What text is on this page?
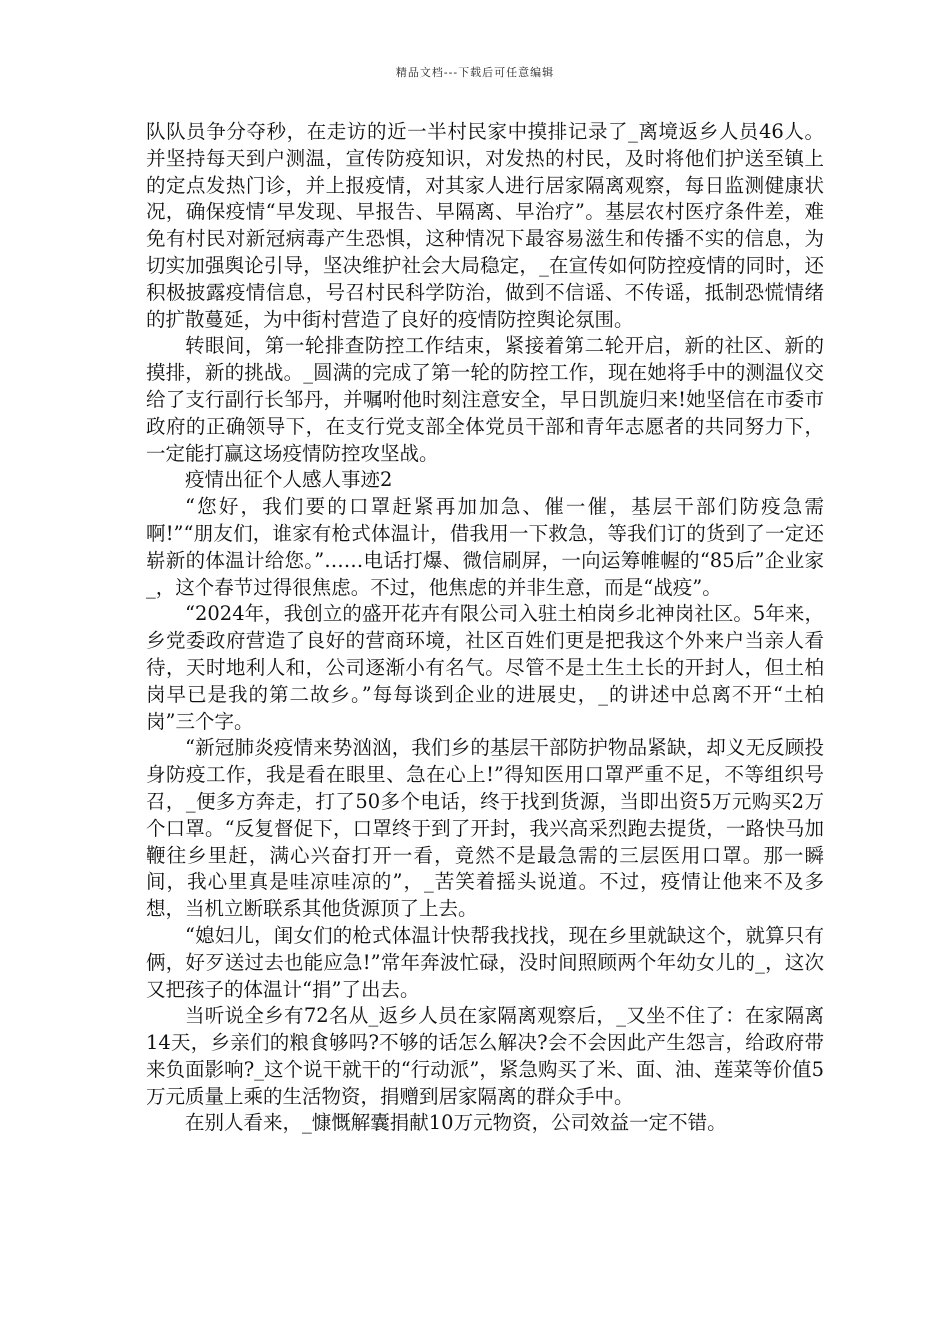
精品文档---下载后可任意编辑

队队员争分夺秒，在走访的近一半村民家中摸排记录了_离境返乡人员46人。并坚持每天到户测温，宣传防疫知识，对发热的村民，及时将他们护送至镇上的定点发热门诊，并上报疫情，对其家人进行居家隔离观察，每日监测健康状况，确保疫情“早发现、早报告、早隔离、早治疗”。基层农村医疗条件差，难免有村民对新冠病毒产生恐惧，这种情况下最容易滋生和传播不实的信息，为切实加强舆论引导，坚决维护社会大局稳定，_在宣传如何防控疫情的同时，还积极披露疫情信息，号召村民科学防治，做到不信谣、不传谣，抵制恐慌情绪的扩散蔓延，为中街村营造了良好的疫情防控舆论氛围。

转眼间，第一轮排查防控工作结束，紧接着第二轮开启，新的社区、新的摸排，新的挑战。_圆满的完成了第一轮的防控工作，现在她将手中的测温仪交给了支行副行长邹丹，并嘱咐他时刻注意安全，早日凯旋归来!她坚信在市委市政府的正确领导下，在支行党支部全体党员干部和青年志愿者的共同努力下，一定能打赢这场疫情防控攻坚战。

疫情出征个人感人事迹2

“您好，我们要的口罩赶紧再加加急、催一催，基层干部们防疫急需啊!”“朋友们，谁家有枪式体温计，借我用一下救急，等我们订的货到了一定还崭新的体温计给您。”……电话打爆、微信刷屏，一向运筹帷幄的“85后”企业家_，这个春节过得很焦虑。不过，他焦虑的并非生意，而是“战疫”。

“2024年，我创立的盛开花卉有限公司入驻土柏岗乡北神岗社区。5年来，乡党委政府营造了良好的营商环境，社区百姓们更是把我这个外来户当亲人看待，天时地利人和，公司逐渐小有名气。尽管不是土生土长的开封人，但土柏岗早已是我的第二故乡。”每每谈到企业的进展史，_的讲述中总离不开“土柏岗”三个字。

“新冠肺炎疫情来势汹汹，我们乡的基层干部防护物品紧缺，却义无反顾投身防疫工作，我是看在眼里、急在心上!”得知医用口罩严重不足，不等组织号召，_便多方奔走，打了50多个电话，终于找到货源，当即出资5万元购买2万个口罩。“反复督促下，口罩终于到了开封，我兴高采烈跑去提货，一路快马加鞭往乡里赶，满心兴奋打开一看，竟然不是最急需的三层医用口罩。那一瞬间，我心里真是哇凉哇凉的”，_苦笑着摇头说道。不过，疫情让他来不及多想，当机立断联系其他货源顶了上去。

“媳妇儿，闺女们的枪式体温计快帮我找找，现在乡里就缺这个，就算只有俩，好歹送过去也能应急!”常年奔波忙碌，没时间照顾两个年幼女儿的_，这次又把孩子的体温计“捐”了出去。

当听说全乡有72名从_返乡人员在家隔离观察后，_又坐不住了：在家隔离14天，乡亲们的粮食够吗?不够的话怎么解决?会不会因此产生怨言，给政府带来负面影响?_这个说干就干的“行动派”，紧急购买了米、面、油、莲菜等价值5万元质量上乘的生活物资，捐赠到居家隔离的群众手中。

在别人看来，_慷慨解囊捐献10万元物资，公司效益一定不错。
